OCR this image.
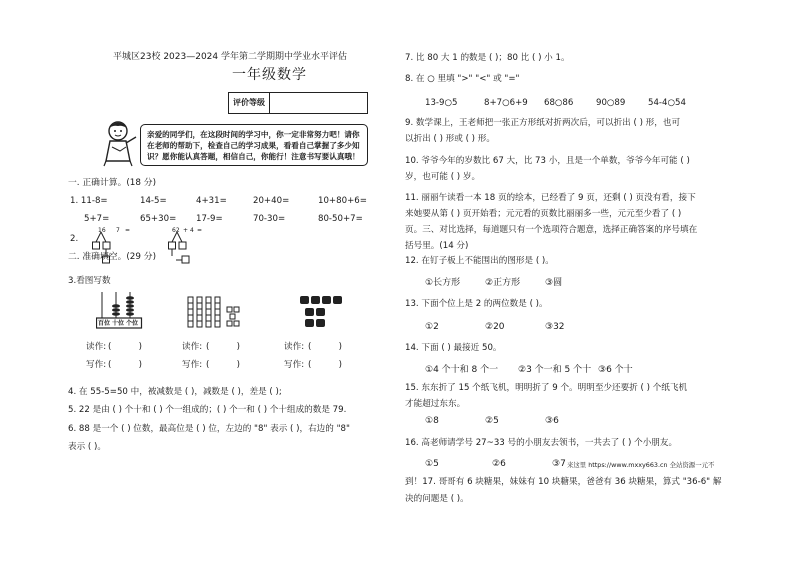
平城区23校 2023—2024 学年第二学期期中学业水平评估
一年级数学
评价等级
亲爱的同学们，在这段时间的学习中，你一定非常努力吧！请你在老师的帮助下，检查自己的学习成果，看看自己掌握了多少知识？愿你能认真答题，相信自己，你能行！注意书写要认真哦！
一. 正确计算。(18 分)
1. 11-8=	14-5=	4+31=	20+40=	10+80+6=
5+7=	65+30= 17-9=	70-30=	80-50+7=
2.
16 7 =	62 + 4 =
二. 准确填空。(29 分)
3.看图写数
百位 十位 个位
读作: (          )	读作: (          )	读作: (          )
写作: (          )	写作: (          )	写作: (          )
4. 在 55-5=50 中，被减数是 ( )，减数是 ( )，差是 ( );
5. 22 是由 ( ) 个十和 ( ) 个一组成的；( ) 个一和 ( ) 个十组成的数是 79.
6. 88 是一个 ( ) 位数，最高位是 ( ) 位，左边的 "8" 表示 ( )，右边的 "8"
表示 ( )。
7. 比 80 大 1 的数是 ( )；80 比 ( ) 小 1。
8. 在 ○ 里填 ">" "<" 或 "="
13-9○5	8+7○6+9 68○86	90○89	54-4○54
9. 数学课上，王老师把一张正方形纸对折两次后，可以折出 ( ) 形，也可
以折出 ( ) 形或 ( ) 形。
10. 爷爷今年的岁数比 67 大，比 73 小，且是一个单数，爷爷今年可能 ( )
岁，也可能 ( ) 岁。
11. 丽丽午读看一本 18 页的绘本，已经看了 9 页，还剩 ( ) 页没有看，接下
来她要从第 ( ) 页开始看；元元看的页数比丽丽多一些，元元至少看了 ( )
页。三、对比选择，每道题只有一个选项符合题意，选择正确答案的序号填在
括号里。(14 分)
12. 在钉子板上不能围出的图形是 ( )。
①长方形	②正方形	③圆
13. 下面个位上是 2 的两位数是 ( )。
①2	②20	③32
14. 下面 ( ) 最接近 50。
①4 个十和 8 个一 ②3 个一和 5 个十 ③6 个十
15. 东东折了 15 个纸飞机，明明折了 9 个。明明至少还要折 ( ) 个纸飞机
才能超过东东。
①8	②5	③6
16. 高老师请学号 27~33 号的小朋友去领书，一共去了 ( ) 个小朋友。
①5	②6	③7 来这里 https://www.mxxy663.cn 全站资源一元不
到！17. 哥哥有 6 块糖果，妹妹有 10 块糖果，爸爸有 36 块糖果，算式 "36-6" 解
决的问题是 ( )。
